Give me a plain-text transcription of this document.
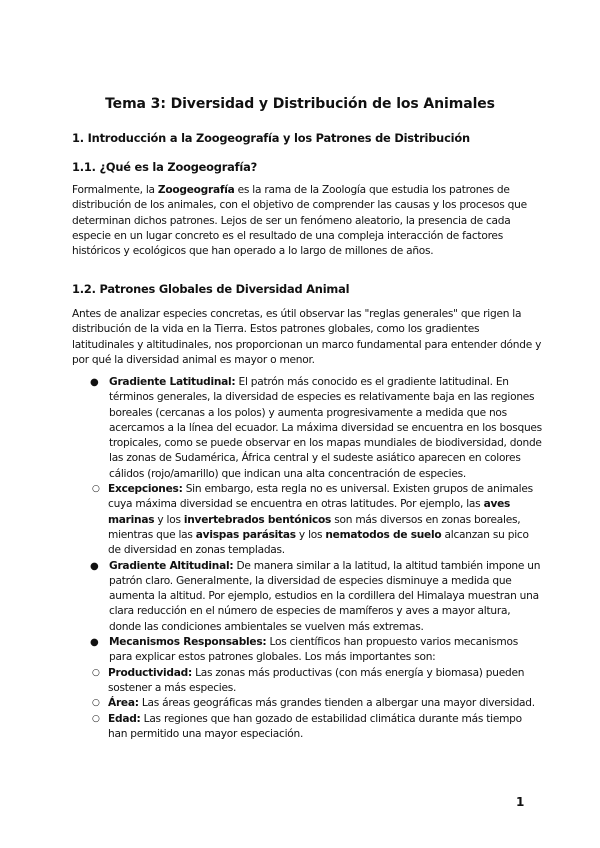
Tema 3: Diversidad y Distribución de los Animales
1. Introducción a la Zoogeografía y los Patrones de Distribución
1.1. ¿Qué es la Zoogeografía?

Formalmente, la Zoogeografía es la rama de la Zoología que estudia los patrones de distribución de los animales, con el objetivo de comprender las causas y los procesos que determinan dichos patrones. Lejos de ser un fenómeno aleatorio, la presencia de cada especie en un lugar concreto es el resultado de una compleja interacción de factores históricos y ecológicos que han operado a lo largo de millones de años.

1.2. Patrones Globales de Diversidad Animal

Antes de analizar especies concretas, es útil observar las "reglas generales" que rigen la distribución de la vida en la Tierra. Estos patrones globales, como los gradientes latitudinales y altitudinales, nos proporcionan un marco fundamental para entender dónde y por qué la diversidad animal es mayor o menor.

● Gradiente Latitudinal: El patrón más conocido es el gradiente latitudinal. En términos generales, la diversidad de especies es relativamente baja en las regiones boreales (cercanas a los polos) y aumenta progresivamente a medida que nos acercamos a la línea del ecuador. La máxima diversidad se encuentra en los bosques tropicales, como se puede observar en los mapas mundiales de biodiversidad, donde las zonas de Sudamérica, África central y el sudeste asiático aparecen en colores cálidos (rojo/amarillo) que indican una alta concentración de especies.
○ Excepciones: Sin embargo, esta regla no es universal. Existen grupos de animales cuya máxima diversidad se encuentra en otras latitudes. Por ejemplo, las aves marinas y los invertebrados bentónicos son más diversos en zonas boreales, mientras que las avispas parásitas y los nematodos de suelo alcanzan su pico de diversidad en zonas templadas.
● Gradiente Altitudinal: De manera similar a la latitud, la altitud también impone un patrón claro. Generalmente, la diversidad de especies disminuye a medida que aumenta la altitud. Por ejemplo, estudios en la cordillera del Himalaya muestran una clara reducción en el número de especies de mamíferos y aves a mayor altura, donde las condiciones ambientales se vuelven más extremas.
● Mecanismos Responsables: Los científicos han propuesto varios mecanismos para explicar estos patrones globales. Los más importantes son:
○ Productividad: Las zonas más productivas (con más energía y biomasa) pueden sostener a más especies.
○ Área: Las áreas geográficas más grandes tienden a albergar una mayor diversidad.
○ Edad: Las regiones que han gozado de estabilidad climática durante más tiempo han permitido una mayor especiación.
1
